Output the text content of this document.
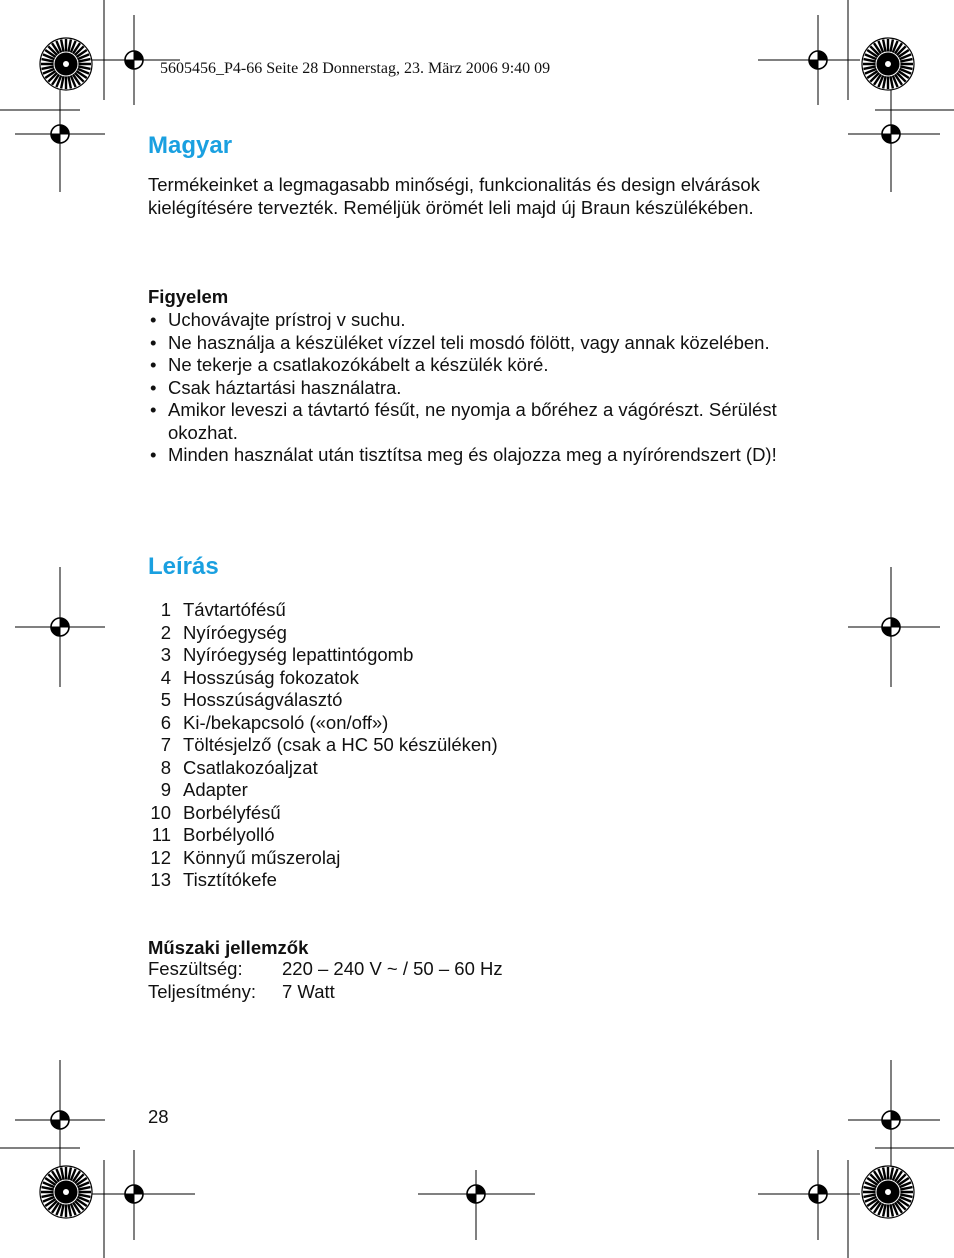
5605456_P4-66 Seite 28 Donnerstag, 23. März 2006 9:40 09
Magyar

Termékeinket a legmagasabb minőségi, funkcionalitás és design elvárások kielégítésére tervezték. Reméljük örömét leli majd új Braun készülékében.

Figyelem
• Uchovávajte prístroj v suchu.
• Ne használja a készüléket vízzel teli mosdó fölött, vagy annak közelében.
• Ne tekerje a csatlakozókábelt a készülék köré.
• Csak háztartási használatra.
• Amikor leveszi a távtartó fésűt, ne nyomja a bőréhez a vágórészt. Sérülést okozhat.
• Minden használat után tisztítsa meg és olajozza meg a nyírórendszert (D)!
Leírás
1 Távtartófésű
2 Nyíróegység
3 Nyíróegység lepattintógomb
4 Hosszúság fokozatok
5 Hosszúságválasztó
6 Ki-/bekapcsoló («on/off»)
7 Töltésjelző (csak a HC 50 készüléken)
8 Csatlakozóaljzat
9 Adapter
10 Borbélyfésű
11 Borbélyolló
12 Könnyű műszerolaj
13 Tisztítókefe
Műszaki jellemzők
Feszültség:	220 – 240 V ~ / 50 – 60 Hz
Teljesítmény:	7 Watt
28
